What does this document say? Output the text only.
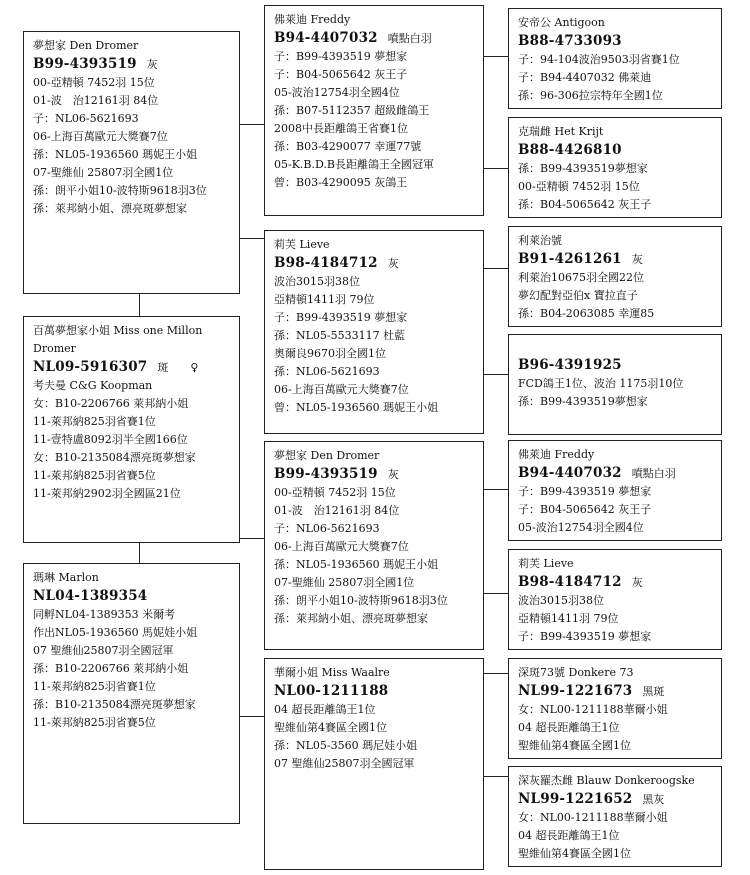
夢想家 Den Dromer
B99-4393519 灰
00-亞精頓 7452羽 15位
01-波　治12161羽 84位
子：NL06-5621693
06-上海百萬歐元大獎賽7位
孫：NL05-1936560 瑪妮王小姐
07-聖維仙 25807羽全國1位
孫：朗平小姐10-波特斯9618羽3位
孫：萊邦納小姐、漂亮斑夢想家
百萬夢想家小姐 Miss one Millon Dromer
NL09-5916307 斑　　♀
考夫曼 C&G Koopman
女：B10-2206766 萊邦納小姐
11-萊邦納825羽省賽1位
11-壹特盧8092羽半全國166位
女：B10-2135084漂亮斑夢想家
11-萊邦納825羽省賽5位
11-萊邦納2902羽全國區21位
瑪琳 Marlon
NL04-1389354
同孵NL04-1389353 米爾考
作出NL05-1936560 馬妮娃小姐
07 聖維仙25807羽全國冠軍
孫：B10-2206766 萊邦納小姐
11-萊邦納825羽省賽1位
孫：B10-2135084漂亮斑夢想家
11-萊邦納825羽省賽5位
佛萊迪 Freddy
B94-4407032 噴點白羽
子：B99-4393519 夢想家
子：B04-5065642 灰王子
05-波治12754羽全國4位
孫：B07-5112357 超級雌鴿王
2008中長距離鴿王省賽1位
孫：B03-4290077 幸運77號
05-K.B.D.B長距離鴿王全國冠軍
曾：B03-4290095 灰鴿王
莉芙 Lieve
B98-4184712 灰
波治3015羽38位
亞精頓1411羽 79位
子：B99-4393519 夢想家
孫：NL05-5533117 杜藍
奧爾良9670羽全國1位
孫：NL06-5621693
06-上海百萬歐元大獎賽7位
曾：NL05-1936560 瑪妮王小姐
夢想家 Den Dromer
B99-4393519 灰
00-亞精頓 7452羽 15位
01-波　治12161羽 84位
子：NL06-5621693
06-上海百萬歐元大獎賽7位
孫：NL05-1936560 瑪妮王小姐
07-聖維仙 25807羽全國1位
孫：朗平小姐10-波特斯9618羽3位
孫：萊邦納小姐、漂亮斑夢想家
華爾小姐 Miss Waalre
NL00-1211188
04 超長距離鴿王1位
聖維仙第4賽區全國1位
孫：NL05-3560 瑪尼娃小姐
07 聖維仙25807羽全國冠軍
安帝公 Antigoon
B88-4733093
子：94-104波治9503羽省賽1位
子：B94-4407032 佛萊迪
孫：96-306拉宗特年全國1位
克瑞雌 Het Krijt
B88-4426810
孫：B99-4393519夢想家
00-亞精頓 7452羽 15位
孫：B04-5065642 灰王子
利萊治號
B91-4261261 灰
利萊治10675羽全國22位
夢幻配對亞伯x 寶拉直子
孫：B04-2063085 幸運85
B96-4391925
FCD鴿王1位、波治 1175羽10位
孫：B99-4393519夢想家
佛萊迪 Freddy
B94-4407032 噴點白羽
子：B99-4393519 夢想家
子：B04-5065642 灰王子
05-波治12754羽全國4位
莉芙 Lieve
B98-4184712 灰
波治3015羽38位
亞精頓1411羽 79位
子：B99-4393519 夢想家
深斑73號 Donkere 73
NL99-1221673 黑斑
女：NL00-1211188華爾小姐
04 超長距離鴿王1位
聖維仙第4賽區全國1位
深灰羅杰雌 Blauw Donkeroogske
NL99-1221652 黑灰
女：NL00-1211188華爾小姐
04 超長距離鴿王1位
聖維仙第4賽區全國1位
